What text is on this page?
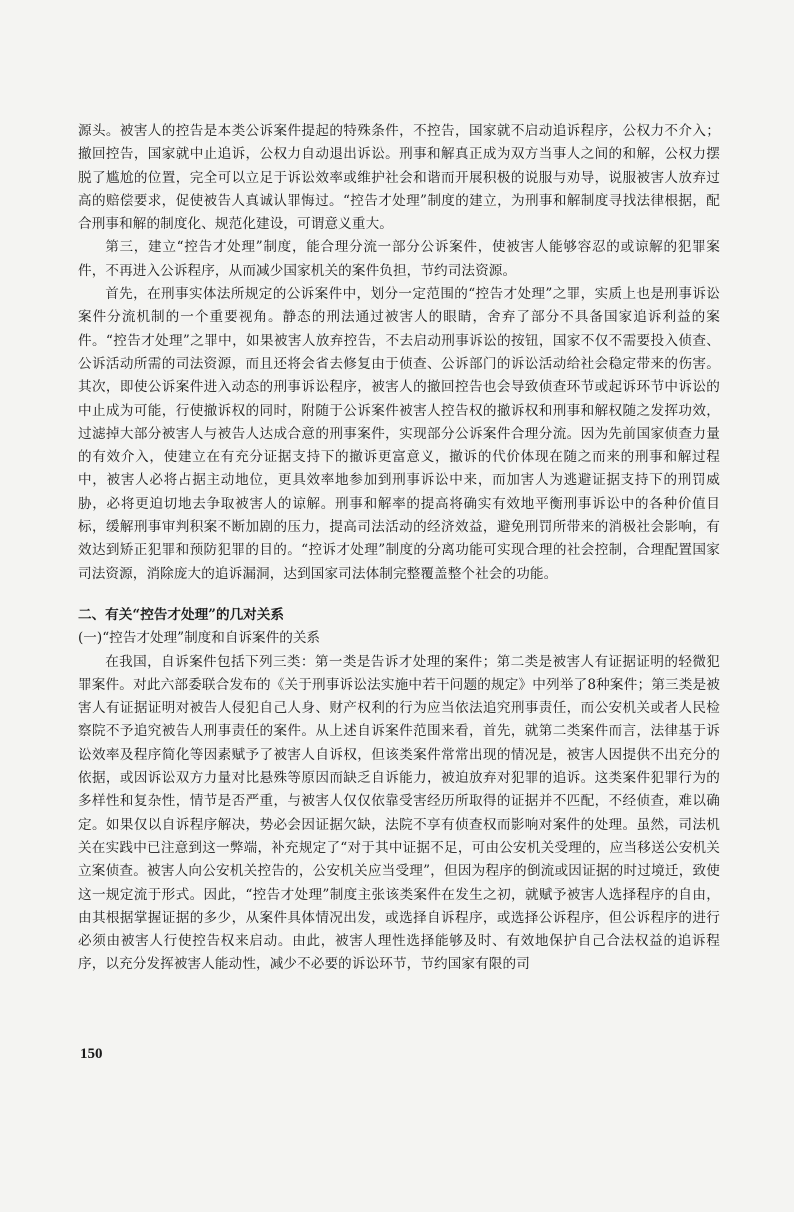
源头。被害人的控告是本类公诉案件提起的特殊条件，不控告，国家就不启动追诉程序，公权力不介入；撤回控告，国家就中止追诉，公权力自动退出诉讼。刑事和解真正成为双方当事人之间的和解，公权力摆脱了尴尬的位置，完全可以立足于诉讼效率或维护社会和谐而开展积极的说服与劝导，说服被害人放弃过高的赔偿要求，促使被告人真诚认罪悔过。“控告才处理”制度的建立，为刑事和解制度寻找法律根据，配合刑事和解的制度化、规范化建设，可谓意义重大。

第三，建立“控告才处理”制度，能合理分流一部分公诉案件，使被害人能够容忍的或谅解的犯罪案件，不再进入公诉程序，从而减少国家机关的案件负担，节约司法资源。

首先，在刑事实体法所规定的公诉案件中，划分一定范围的“控告才处理”之罪，实质上也是刑事诉讼案件分流机制的一个重要视角。静态的刑法通过被害人的眼睛，舍弃了部分不具备国家追诉利益的案件。“控告才处理”之罪中，如果被害人放弃控告，不去启动刑事诉讼的按钮，国家不仅不需要投入侦查、公诉活动所需的司法资源，而且还将会省去修复由于侦查、公诉部门的诉讼活动给社会稳定带来的伤害。其次，即使公诉案件进入动态的刑事诉讼程序，被害人的撤回控告也会导致侦查环节或起诉环节中诉讼的中止成为可能，行使撤诉权的同时，附随于公诉案件被害人控告权的撤诉权和刑事和解权随之发挥功效，过滤掉大部分被害人与被告人达成合意的刑事案件，实现部分公诉案件合理分流。因为先前国家侦查力量的有效介入，使建立在有充分证据支持下的撤诉更富意义，撤诉的代价体现在随之而来的刑事和解过程中，被害人必将占据主动地位，更具效率地参加到刑事诉讼中来，而加害人为逃避证据支持下的刑罚威胁，必将更迫切地去争取被害人的谅解。刑事和解率的提高将确实有效地平衡刑事诉讼中的各种价值目标，缓解刑事审判积案不断加剧的压力，提高司法活动的经济效益，避免刑罚所带来的消极社会影响，有效达到矫正犯罪和预防犯罪的目的。“控诉才处理”制度的分离功能可实现合理的社会控制，合理配置国家司法资源，消除庞大的追诉漏洞，达到国家司法体制完整覆盖整个社会的功能。

二、有关“控告才处理”的几对关系

(一)“控告才处理”制度和自诉案件的关系

在我国，自诉案件包括下列三类：第一类是告诉才处理的案件；第二类是被害人有证据证明的轻微犯罪案件。对此六部委联合发布的《关于刑事诉讼法实施中若干问题的规定》中列举了8种案件；第三类是被害人有证据证明对被告人侵犯自己人身、财产权利的行为应当依法追究刑事责任，而公安机关或者人民检察院不予追究被告人刑事责任的案件。从上述自诉案件范围来看，首先，就第二类案件而言，法律基于诉讼效率及程序简化等因素赋予了被害人自诉权，但该类案件常常出现的情况是，被害人因提供不出充分的依据，或因诉讼双方力量对比悬殊等原因而缺乏自诉能力，被迫放弃对犯罪的追诉。这类案件犯罪行为的多样性和复杂性，情节是否严重，与被害人仅仅依靠受害经历所取得的证据并不匹配，不经侦查，难以确定。如果仅以自诉程序解决，势必会因证据欠缺，法院不享有侦查权而影响对案件的处理。虽然，司法机关在实践中已注意到这一弊端，补充规定了“对于其中证据不足，可由公安机关受理的，应当移送公安机关立案侦查。被害人向公安机关控告的，公安机关应当受理”，但因为程序的倒流或因证据的时过境迁，致使这一规定流于形式。因此，“控告才处理”制度主张该类案件在发生之初，就赋予被害人选择程序的自由，由其根据掌握证据的多少，从案件具体情况出发，或选择自诉程序，或选择公诉程序，但公诉程序的进行必须由被害人行使控告权来启动。由此，被害人理性选择能够及时、有效地保护自己合法权益的追诉程序，以充分发挥被害人能动性，减少不必要的诉讼环节，节约国家有限的司

150
